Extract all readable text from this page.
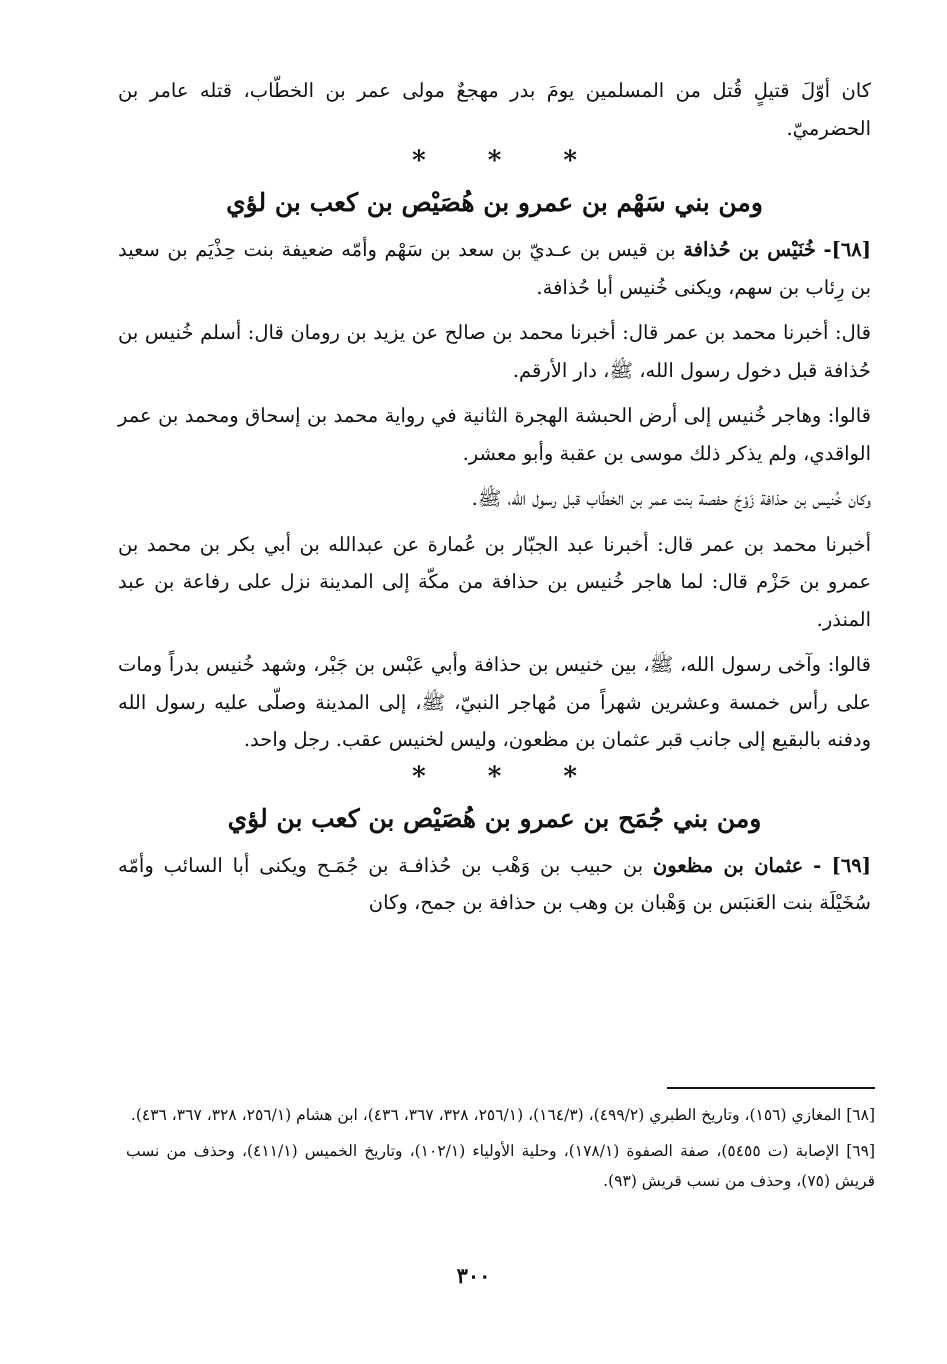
كان أوّلَ قتيلٍ قُتل من المسلمين يومَ بدر مهجعٌ مولى عمر بن الخطّاب، قتله عامر بن الحضرميّ.

*
*
*
ومن بني سَهْم بن عمرو بن هُصَيْص بن كعب بن لؤي

[٦٨]- خُنَيْس بن حُذافة بن قيس بن عـديّ بن سعد بن سَهْم وأمّه ضعيفة بنت حِذْيَم بن سعيد بن رِئاب بن سهم، ويكنى خُنيس أبا حُذافة.

قال: أخبرنا محمد بن عمر قال: أخبرنا محمد بن صالح عن يزيد بن رومان قال: أسلم خُنيس بن حُذافة قبل دخول رسول الله، ﷺ، دار الأرقم.

قالوا: وهاجر خُنيس إلى أرض الحبشة الهجرة الثانية في رواية محمد بن إسحاق ومحمد بن عمر الواقدي، ولم يذكر ذلك موسى بن عقبة وأبو معشر.

وكان خُنيس بن حذافة زَوْجَ حفصة بنت عمر بن الخطّاب قبل رسول الله، ﷺ.

أخبرنا محمد بن عمر قال: أخبرنا عبد الجبّار بن عُمارة عن عبدالله بن أبي بكر بن محمد بن عمرو بن حَزْم قال: لما هاجر خُنيس بن حذافة من مكّة إلى المدينة نزل على رفاعة بن عبد المنذر.

قالوا: وآخى رسول الله، ﷺ، بين خنيس بن حذافة وأبي عَبْس بن جَبْر، وشهد خُنيس بدراً ومات على رأس خمسة وعشرين شهراً من مُهاجر النبيّ، ﷺ، إلى المدينة وصلّى عليه رسول الله ودفنه بالبقيع إلى جانب قبر عثمان بن مظعون، وليس لخنيس عقب. رجل واحد.

*
*
*
ومن بني جُمَح بن عمرو بن هُصَيْص بن كعب بن لؤي

[٦٩] - عثمان بن مظعون بن حبيب بن وَهْب بن حُذافـة بن جُمَـح ويكنى أبا السائب وأمّه سُخَيْلَة بنت العَنبَس بن وَهْبان بن وهب بن حذافة بن جمح، وكان

[٦٨] المغازي (١٥٦)، وتاريخ الطبري (٤٩٩/٢)، (١٦٤/٣)، (٢٥٦/١، ٣٢٨، ٣٦٧، ٤٣٦)، ابن هشام (٢٥٦/١، ٣٢٨، ٣٦٧، ٤٣٦).

[٦٩] الإصابة (ت ٥٤٥٥)، صفة الصفوة (١٧٨/١)، وحلية الأولياء (١٠٢/١)، وتاريخ الخميس (٤١١/١)، وحذف من نسب قريش (٧٥)، وحذف من نسب قريش (٩٣).

٣٠٠
